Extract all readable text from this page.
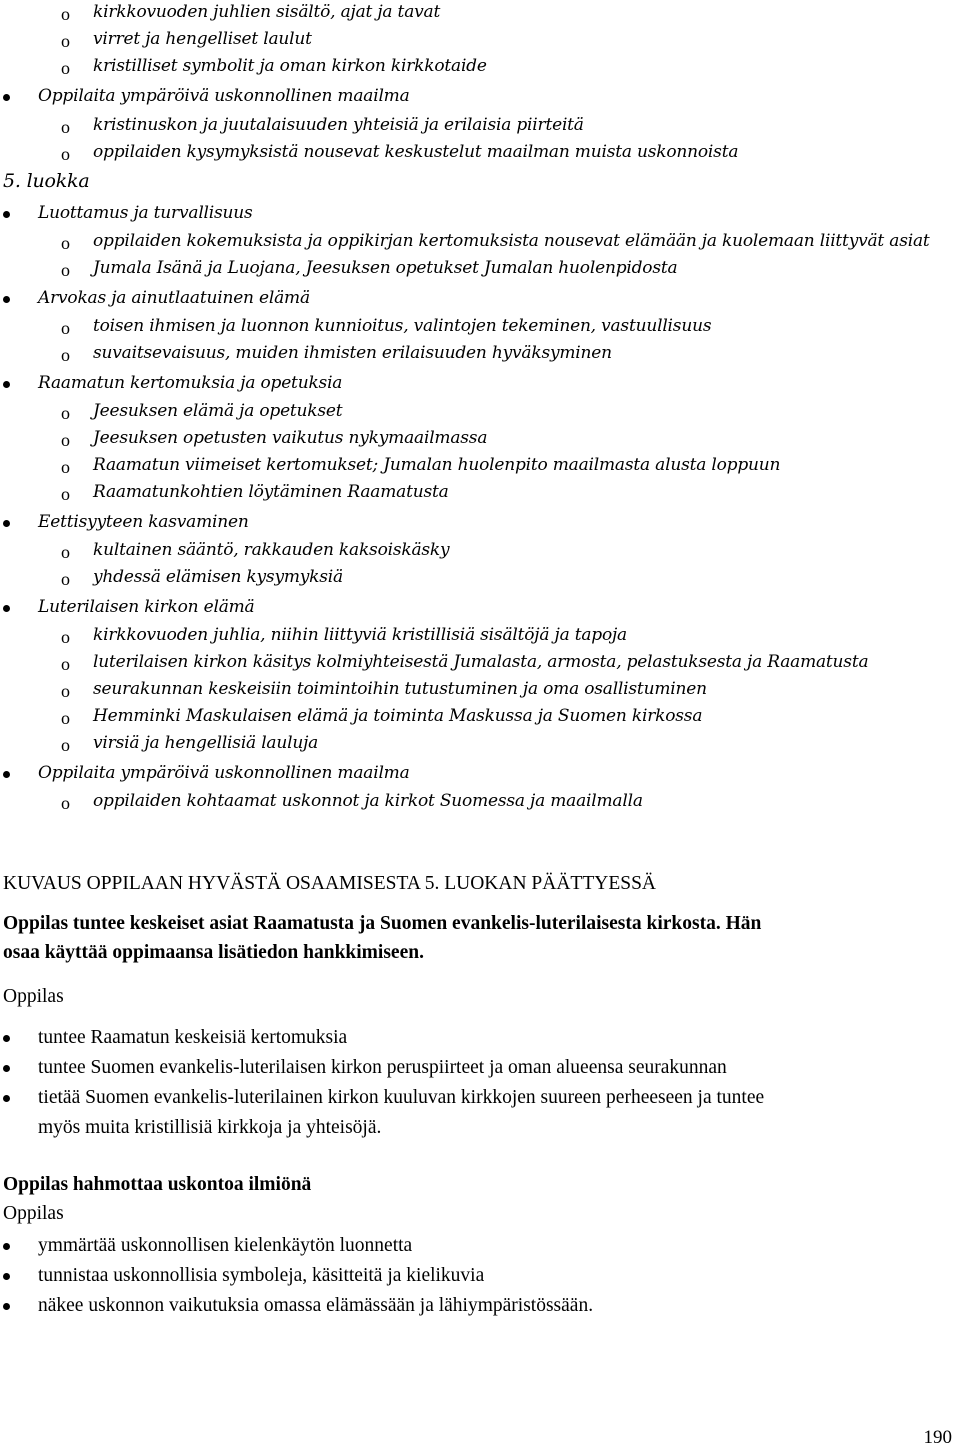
o kirkkovuoden juhlien sisältö, ajat ja tavat
o virret ja hengelliset laulut
o kristilliset symbolit ja oman kirkon kirkkotaide
Oppilaita ympäröivä uskonnollinen maailma
o kristinuskon ja juutalaisuuden yhteisiä ja erilaisia piirteitä
o oppilaiden kysymyksistä nousevat keskustelut maailman muista uskonnoista
5. luokka
Luottamus ja turvallisuus
o oppilaiden kokemuksista ja oppikirjan kertomuksista nousevat elämään ja kuolemaan liittyvät asiat
o Jumala Isänä ja Luojana, Jeesuksen opetukset Jumalan huolenpidosta
Arvokas ja ainutlaatuinen elämä
o toisen ihmisen ja luonnon kunnioitus, valintojen tekeminen, vastuullisuus
o suvaitsevaisuus, muiden ihmisten erilaisuuden hyväksyminen
Raamatun kertomuksia ja opetuksia
o Jeesuksen elämä ja opetukset
o Jeesuksen opetusten vaikutus nykymaailmassa
o Raamatun viimeiset kertomukset; Jumalan huolenpito maailmasta alusta loppuun
o Raamatunkohtien löytäminen Raamatusta
Eettisyyteen kasvaminen
o kultainen sääntö, rakkauden kaksoiskäsky
o yhdessä elämisen kysymyksiä
Luterilaisen kirkon elämä
o kirkkovuoden juhlia, niihin liittyviä kristillisiä sisältöjä ja tapoja
o luterilaisen kirkon käsitys kolmiyhteisestä Jumalasta, armosta, pelastuksesta ja Raamatusta
o seurakunnan keskeisiin toimintoihin tutustuminen ja oma osallistuminen
o Hemminki Maskulaisen elämä ja toiminta Maskussa ja Suomen kirkossa
o virsiä ja hengellisiä lauluja
Oppilaita ympäröivä uskonnollinen maailma
o oppilaiden kohtaamat uskonnot ja kirkot Suomessa ja maailmalla
KUVAUS OPPILAAN HYVÄSTÄ OSAAMISESTA 5. LUOKAN PÄÄTTYESSÄ
Oppilas tuntee keskeiset asiat Raamatusta ja Suomen evankelis-luterilaisesta kirkosta. Hän
osaa käyttää oppimaansa lisätiedon hankkimiseen.
Oppilas
tuntee Raamatun keskeisiä kertomuksia
tuntee Suomen evankelis-luterilaisen kirkon peruspiirteet ja oman alueensa seurakunnan
tietää Suomen evankelis-luterilainen kirkon kuuluvan kirkkojen suureen perheeseen ja tuntee
myös muita kristillisiä kirkkoja ja yhteisöjä.
Oppilas hahmottaa uskontoa ilmiönä
Oppilas
ymmärtää uskonnollisen kielenkäytön luonnetta
tunnistaa uskonnollisia symboleja, käsitteitä ja kielikuvia
näkee uskonnon vaikutuksia omassa elämässään ja lähiympäristössään.
190
